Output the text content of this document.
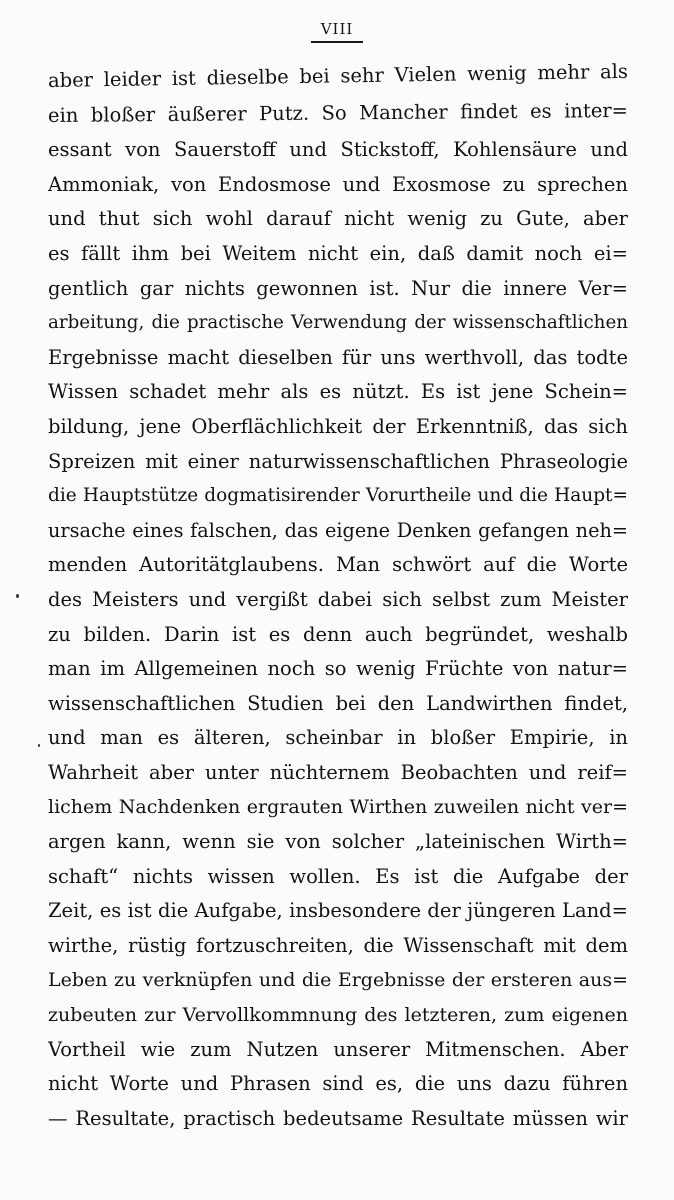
VIII
aber leider ist dieselbe bei sehr Vielen wenig mehr als
ein bloßer äußerer Putz. So Mancher findet es inter=
essant von Sauerstoff und Stickstoff, Kohlensäure und
Ammoniak, von Endosmose und Exosmose zu sprechen
und thut sich wohl darauf nicht wenig zu Gute, aber
es fällt ihm bei Weitem nicht ein, daß damit noch ei=
gentlich gar nichts gewonnen ist. Nur die innere Ver=
arbeitung, die practische Verwendung der wissenschaftlichen
Ergebnisse macht dieselben für uns werthvoll, das todte
Wissen schadet mehr als es nützt. Es ist jene Schein=
bildung, jene Oberflächlichkeit der Erkenntniß, das sich
Spreizen mit einer naturwissenschaftlichen Phraseologie
die Hauptstütze dogmatisirender Vorurtheile und die Haupt=
ursache eines falschen, das eigene Denken gefangen neh=
menden Autoritätglaubens. Man schwört auf die Worte
des Meisters und vergißt dabei sich selbst zum Meister
zu bilden. Darin ist es denn auch begründet, weshalb
man im Allgemeinen noch so wenig Früchte von natur=
wissenschaftlichen Studien bei den Landwirthen findet,
und man es älteren, scheinbar in bloßer Empirie, in
Wahrheit aber unter nüchternem Beobachten und reif=
lichem Nachdenken ergrauten Wirthen zuweilen nicht ver=
argen kann, wenn sie von solcher „lateinischen Wirth=
schaft“ nichts wissen wollen. Es ist die Aufgabe der
Zeit, es ist die Aufgabe, insbesondere der jüngeren Land=
wirthe, rüstig fortzuschreiten, die Wissenschaft mit dem
Leben zu verknüpfen und die Ergebnisse der ersteren aus=
zubeuten zur Vervollkommnung des letzteren, zum eigenen
Vortheil wie zum Nutzen unserer Mitmenschen. Aber
nicht Worte und Phrasen sind es, die uns dazu führen
— Resultate, practisch bedeutsame Resultate müssen wir
